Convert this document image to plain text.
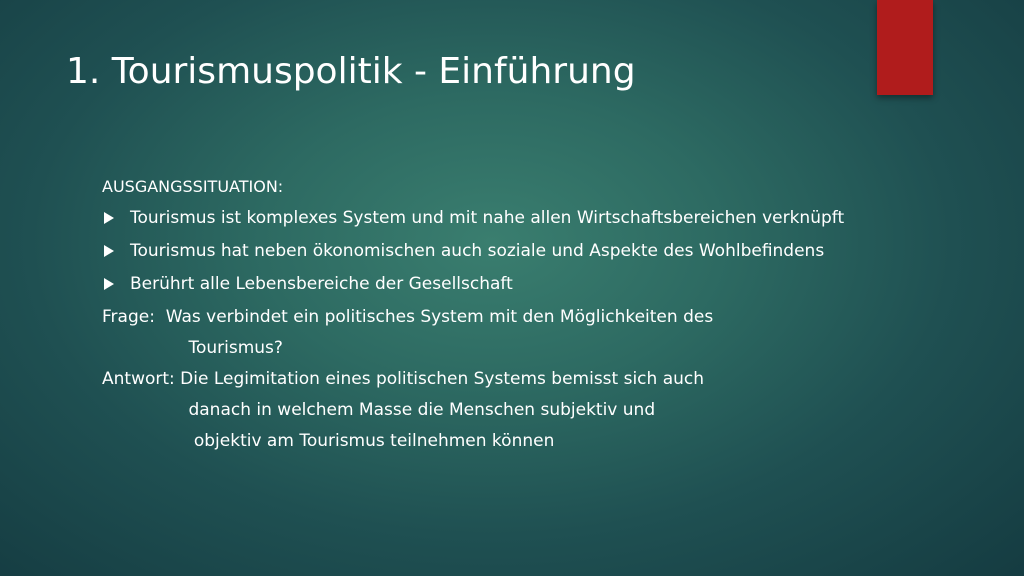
1. Tourismuspolitik - Einführung
AUSGANGSSITUATION:
Tourismus ist komplexes System und mit nahe allen Wirtschaftsbereichen verknüpft
Tourismus hat neben ökonomischen auch soziale und Aspekte des Wohlbefindens
Berührt alle Lebensbereiche der Gesellschaft
Frage:  Was verbindet ein politisches System mit den Möglichkeiten des
Tourismus?
Antwort: Die Legimitation eines politischen Systems bemisst sich auch
danach in welchem Masse die Menschen subjektiv und
objektiv am Tourismus teilnehmen können
